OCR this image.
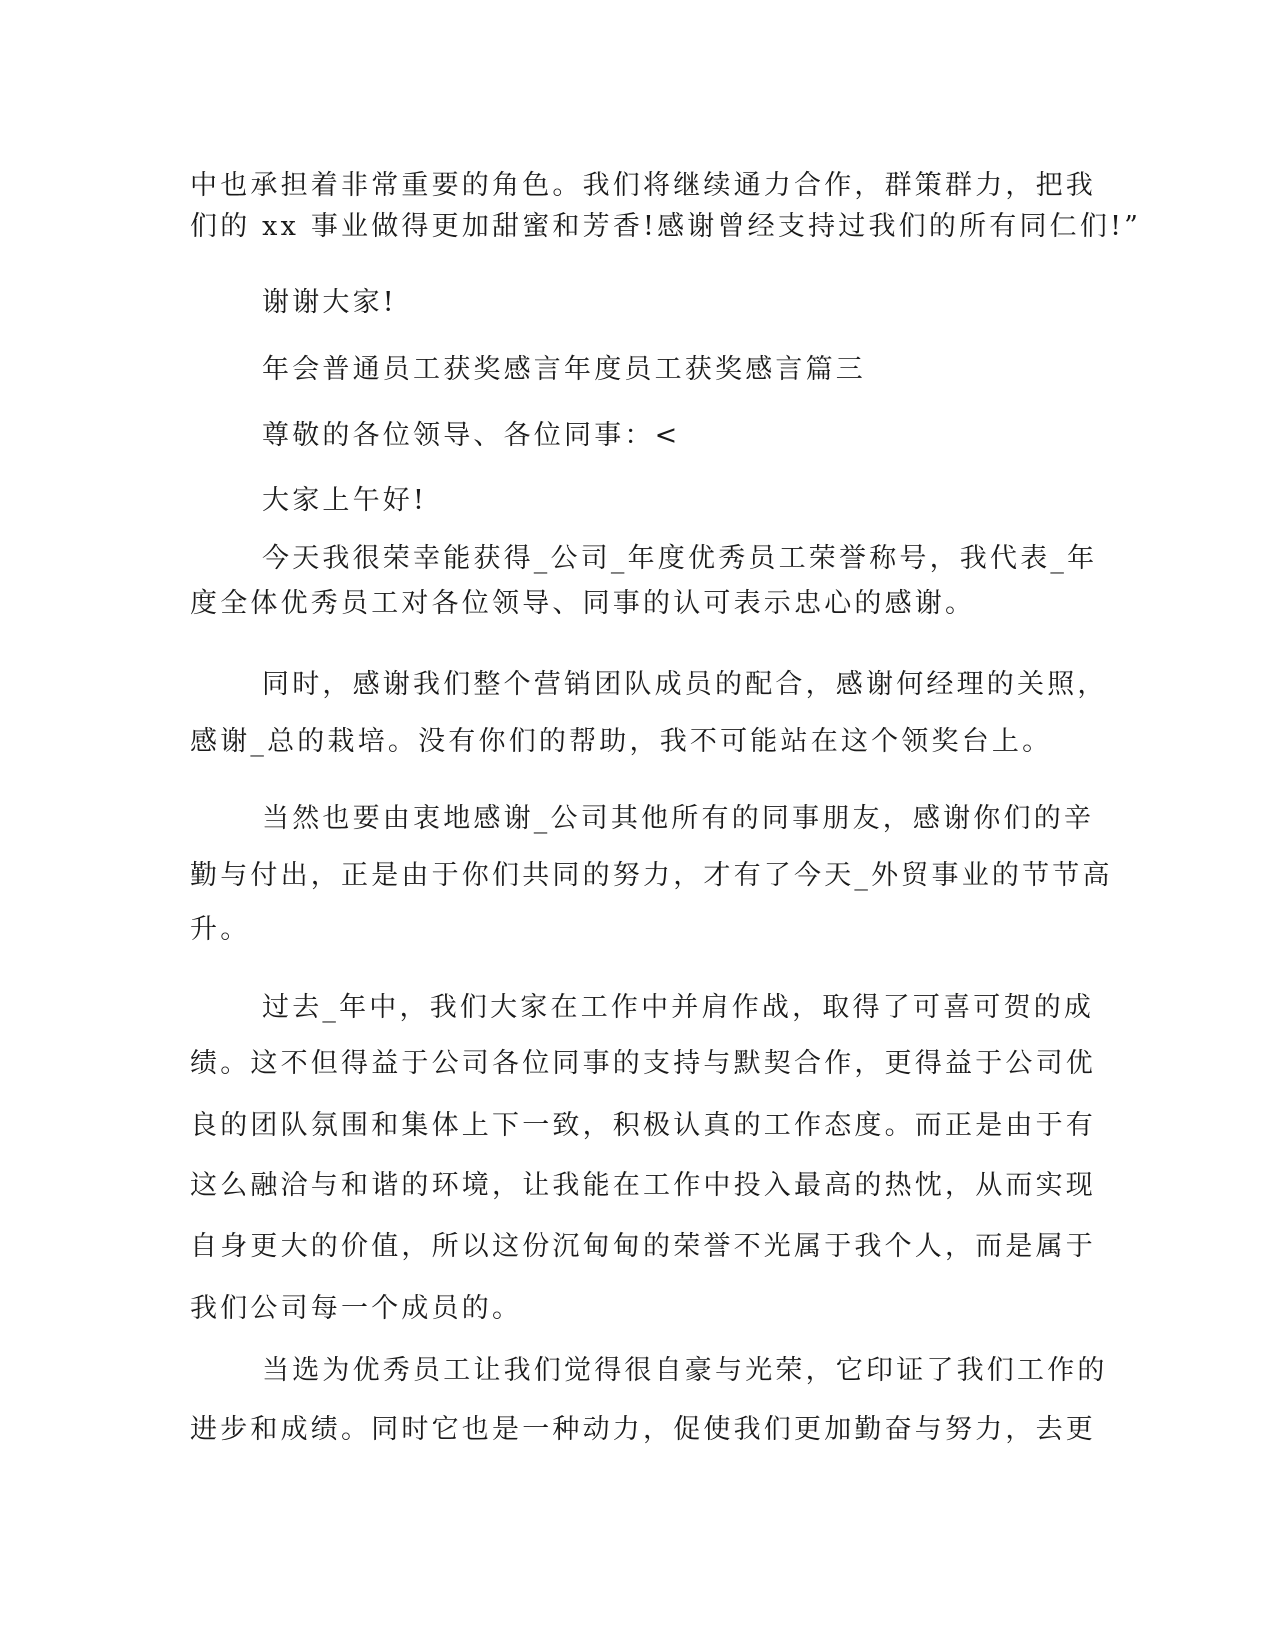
中也承担着非常重要的角色。我们将继续通力合作，群策群力，把我
们的 xx 事业做得更加甜蜜和芳香!感谢曾经支持过我们的所有同仁们!”
谢谢大家!
年会普通员工获奖感言年度员工获奖感言篇三
尊敬的各位领导、各位同事：<
大家上午好!
今天我很荣幸能获得_公司_年度优秀员工荣誉称号，我代表_年
度全体优秀员工对各位领导、同事的认可表示忠心的感谢。
同时，感谢我们整个营销团队成员的配合，感谢何经理的关照，
感谢_总的栽培。没有你们的帮助，我不可能站在这个领奖台上。
当然也要由衷地感谢_公司其他所有的同事朋友，感谢你们的辛
勤与付出，正是由于你们共同的努力，才有了今天_外贸事业的节节高
升。
过去_年中，我们大家在工作中并肩作战，取得了可喜可贺的成
绩。这不但得益于公司各位同事的支持与默契合作，更得益于公司优
良的团队氛围和集体上下一致，积极认真的工作态度。而正是由于有
这么融洽与和谐的环境，让我能在工作中投入最高的热忱，从而实现
自身更大的价值，所以这份沉甸甸的荣誉不光属于我个人，而是属于
我们公司每一个成员的。
当选为优秀员工让我们觉得很自豪与光荣，它印证了我们工作的
进步和成绩。同时它也是一种动力，促使我们更加勤奋与努力，去更
